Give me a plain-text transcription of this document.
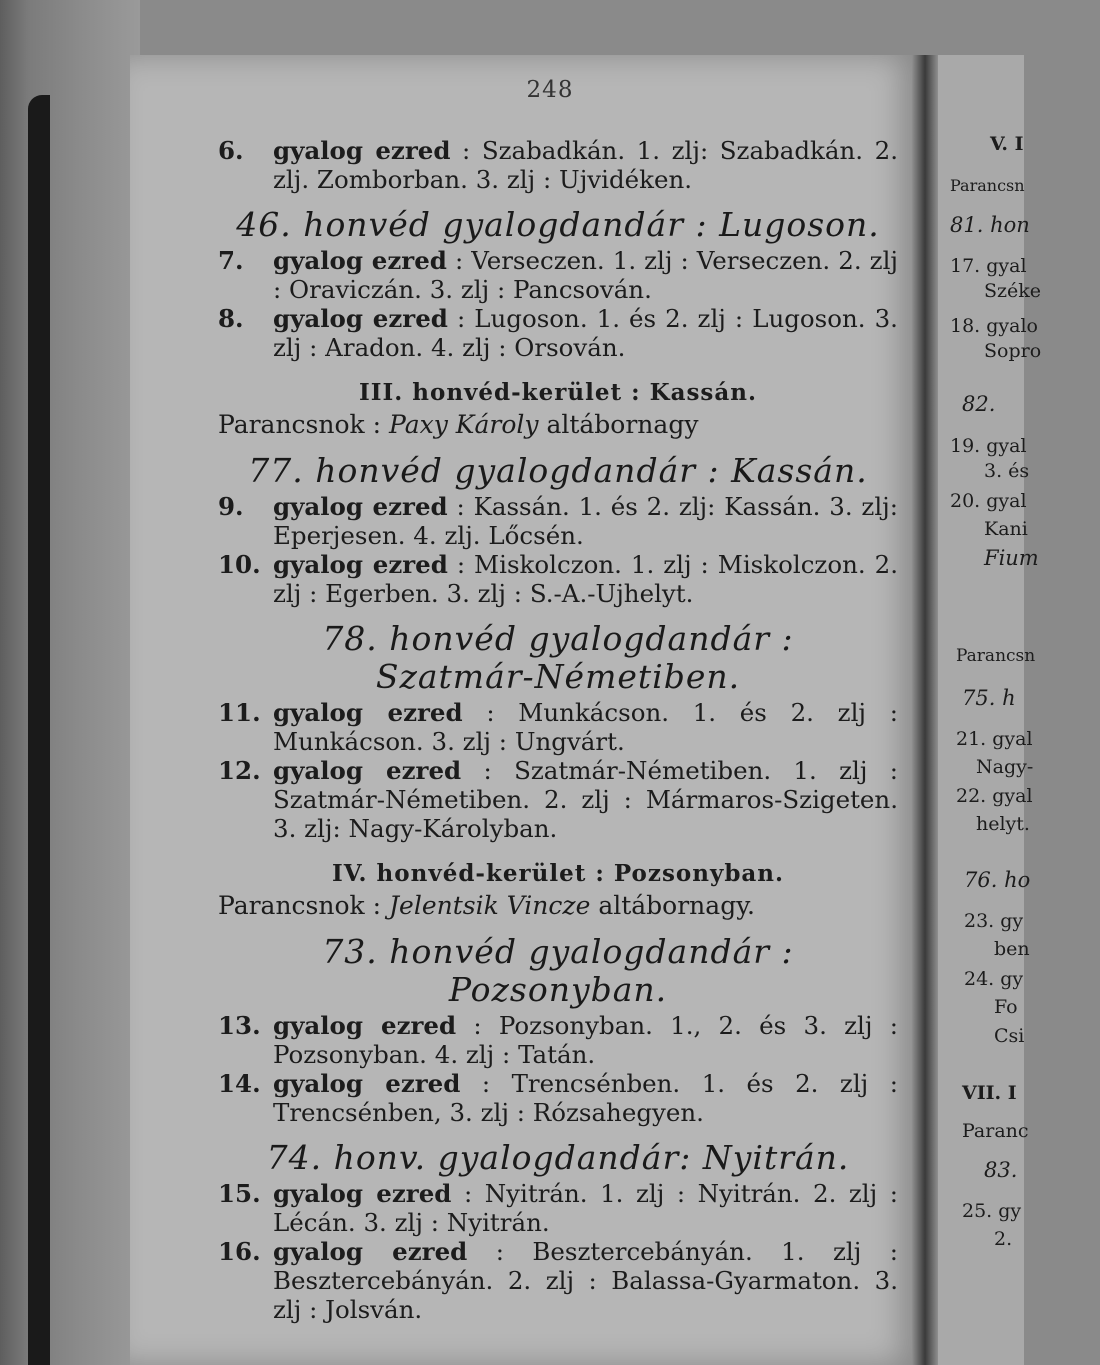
248

6. gyalog ezred : Szabadkán. 1. zlj: Szabadkán. 2. zlj. Zomborban. 3. zlj : Ujvidéken.

46. honvéd gyalogdandár : Lugoson.

7. gyalog ezred : Verseczen. 1. zlj : Verseczen. 2. zlj : Oraviczán. 3. zlj : Pancsován.

8. gyalog ezred : Lugoson. 1. és 2. zlj : Lugoson. 3. zlj : Aradon. 4. zlj : Orsován.

III. honvéd-kerület : Kassán.
Parancsnok : Paxy Károly altábornagy
77. honvéd gyalogdandár : Kassán.

9. gyalog ezred : Kassán. 1. és 2. zlj: Kassán. 3. zlj: Eperjesen. 4. zlj. Lőcsén.

10. gyalog ezred : Miskolczon. 1. zlj : Miskolczon. 2. zlj : Egerben. 3. zlj : S.-A.-Ujhelyt.

78. honvéd gyalogdandár : Szatmár-Németiben.

11. gyalog ezred : Munkácson. 1. és 2. zlj : Munkácson. 3. zlj : Ungvárt.

12. gyalog ezred : Szatmár-Németiben. 1. zlj : Szatmár-Németiben. 2. zlj : Mármaros-Szigeten. 3. zlj: Nagy-Károlyban.

IV. honvéd-kerület : Pozsonyban.
Parancsnok : Jelentsik Vincze altábornagy.
73. honvéd gyalogdandár : Pozsonyban.

13. gyalog ezred : Pozsonyban. 1., 2. és 3. zlj : Pozsonyban. 4. zlj : Tatán.

14. gyalog ezred : Trencsénben. 1. és 2. zlj : Trencsénben, 3. zlj : Rózsahegyen.

74. honv. gyalogdandár: Nyitrán.

15. gyalog ezred : Nyitrán. 1. zlj : Nyitrán. 2. zlj : Lécán. 3. zlj : Nyitrán.

16. gyalog ezred : Besztercebányán. 1. zlj : Besztercebányán. 2. zlj : Balassa-Gyarmaton. 3. zlj : Jolsván.

V. I
Parancsn
81. hon
17. gyal
Széke
18. gyalo
Sopro
82.
19. gyal
3. és
20. gyal
Kani
Fium
Parancsn
75. h
21. gyal
Nagy-
22. gyal
helyt.
76. ho
23. gy
ben
24. gy
Fo
Csi
VII. I
Paranc
83.
25. gy
2.
